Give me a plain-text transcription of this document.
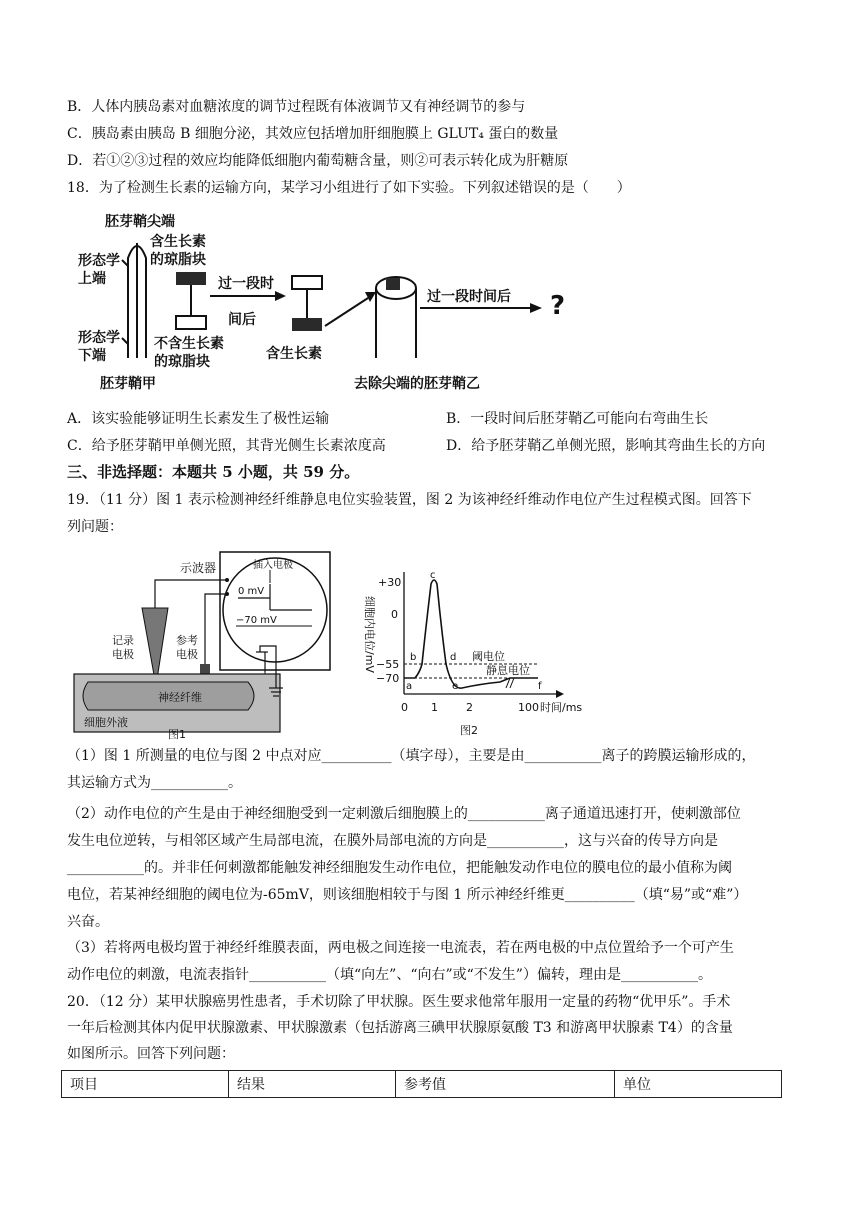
B．人体内胰岛素对血糖浓度的调节过程既有体液调节又有神经调节的参与
C．胰岛素由胰岛 B 细胞分泌，其效应包括增加肝细胞膜上 GLUT₄ 蛋白的数量
D．若①②③过程的效应均能降低细胞内葡萄糖含量，则②可表示转化成为肝糖原
18．为了检测生长素的运输方向，某学习小组进行了如下实验。下列叙述错误的是（　　）
胚芽鞘尖端
形态学
上端
形态学
下端
胚芽鞘甲
含生长素
的琼脂块
不含生长素
的琼脂块
过一段时
间后
含生长素
去除尖端的胚芽鞘乙
过一段时间后 ?
A．该实验能够证明生长素发生了极性运输	B．一段时间后胚芽鞘乙可能向右弯曲生长
C．给予胚芽鞘甲单侧光照，其背光侧生长素浓度高	D．给予胚芽鞘乙单侧光照，影响其弯曲生长的方向
三、非选择题：本题共 5 小题，共 59 分。
19．（11 分）图 1 表示检测神经纤维静息电位实验装置，图 2 为该神经纤维动作电位产生过程模式图。回答下
列问题：
示波器	插入电极
0 mV
−70 mV
记录
电极
参考
电极
神经纤维
细胞外液
图1
细胞内电位/mV
+30
0
−55
−70
a
b
c
d
e	f
阈电位
静息电位
0 1	2	100 时间/ms
图2
（1）图 1 所测量的电位与图 2 中点对应__________（填字母），主要是由___________离子的跨膜运输形成的，
其运输方式为___________。
（2）动作电位的产生是由于神经细胞受到一定刺激后细胞膜上的___________离子通道迅速打开，使刺激部位
发生电位逆转，与相邻区域产生局部电流，在膜外局部电流的方向是___________，这与兴奋的传导方向是
___________的。并非任何刺激都能触发神经细胞发生动作电位，把能触发动作电位的膜电位的最小值称为阈
电位，若某神经细胞的阈电位为-65mV，则该细胞相较于与图 1 所示神经纤维更__________（填“易”或“难”）
兴奋。
（3）若将两电极均置于神经纤维膜表面，两电极之间连接一电流表，若在两电极的中点位置给予一个可产生
动作电位的刺激，电流表指针___________（填“向左”、“向右”或“不发生”）偏转，理由是___________。
20．（12 分）某甲状腺癌男性患者，手术切除了甲状腺。医生要求他常年服用一定量的药物“优甲乐”。手术
一年后检测其体内促甲状腺激素、甲状腺激素（包括游离三碘甲状腺原氨酸 T3 和游离甲状腺素 T4）的含量
如图所示。回答下列问题：
项目	结果	参考值	单位
